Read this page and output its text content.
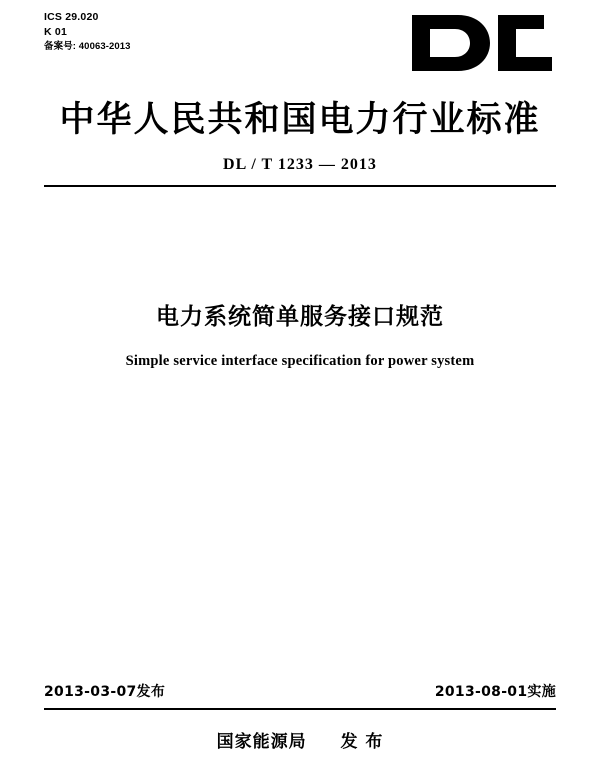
ICS 29.020
K 01
备案号: 40063-2013
中华人民共和国电力行业标准
DL / T 1233 — 2013
电力系统简单服务接口规范
Simple service interface specification for power system
2013-03-07发布	2013-08-01实施
国家能源局 发 布
